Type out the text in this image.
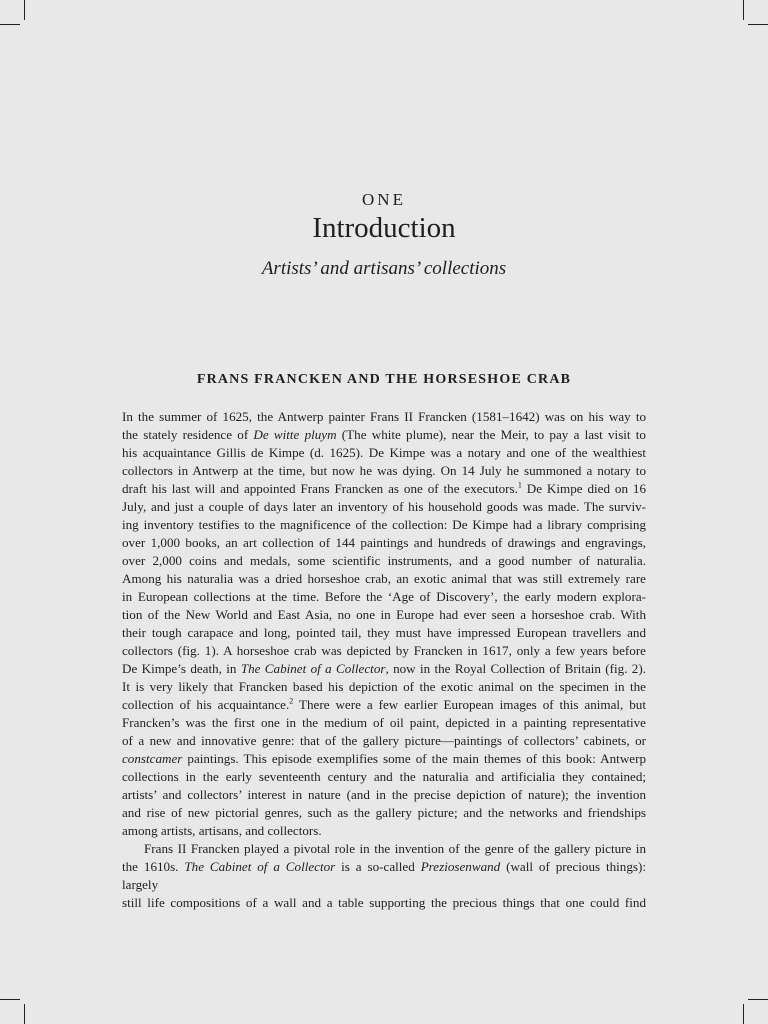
ONE
Introduction
Artists’ and artisans’ collections
FRANS FRANCKEN AND THE HORSESHOE CRAB
In the summer of 1625, the Antwerp painter Frans II Francken (1581–1642) was on his way to
the stately residence of De witte pluym (The white plume), near the Meir, to pay a last visit to
his acquaintance Gillis de Kimpe (d. 1625). De Kimpe was a notary and one of the wealthiest
collectors in Antwerp at the time, but now he was dying. On 14 July he summoned a notary to
draft his last will and appointed Frans Francken as one of the executors.$^1$ De Kimpe died on 16
July, and just a couple of days later an inventory of his household goods was made. The surviv-
ing inventory testifies to the magnificence of the collection: De Kimpe had a library comprising
over 1,000 books, an art collection of 144 paintings and hundreds of drawings and engravings,
over 2,000 coins and medals, some scientific instruments, and a good number of naturalia.
Among his naturalia was a dried horseshoe crab, an exotic animal that was still extremely rare
in European collections at the time. Before the ‘Age of Discovery’, the early modern explora-
tion of the New World and East Asia, no one in Europe had ever seen a horseshoe crab. With
their tough carapace and long, pointed tail, they must have impressed European travellers and
collectors (fig. 1). A horseshoe crab was depicted by Francken in 1617, only a few years before
De Kimpe’s death, in The Cabinet of a Collector, now in the Royal Collection of Britain (fig. 2).
It is very likely that Francken based his depiction of the exotic animal on the specimen in the
collection of his acquaintance.$^2$ There were a few earlier European images of this animal, but
Francken’s was the first one in the medium of oil paint, depicted in a painting representative
of a new and innovative genre: that of the gallery picture—paintings of collectors’ cabinets, or
constcamer paintings. This episode exemplifies some of the main themes of this book: Antwerp
collections in the early seventeenth century and the naturalia and artificialia they contained;
artists’ and collectors’ interest in nature (and in the precise depiction of nature); the invention
and rise of new pictorial genres, such as the gallery picture; and the networks and friendships
among artists, artisans, and collectors.
Frans II Francken played a pivotal role in the invention of the genre of the gallery picture in
the 1610s. The Cabinet of a Collector is a so-called Preziosenwand (wall of precious things): largely
still life compositions of a wall and a table supporting the precious things that one could find
